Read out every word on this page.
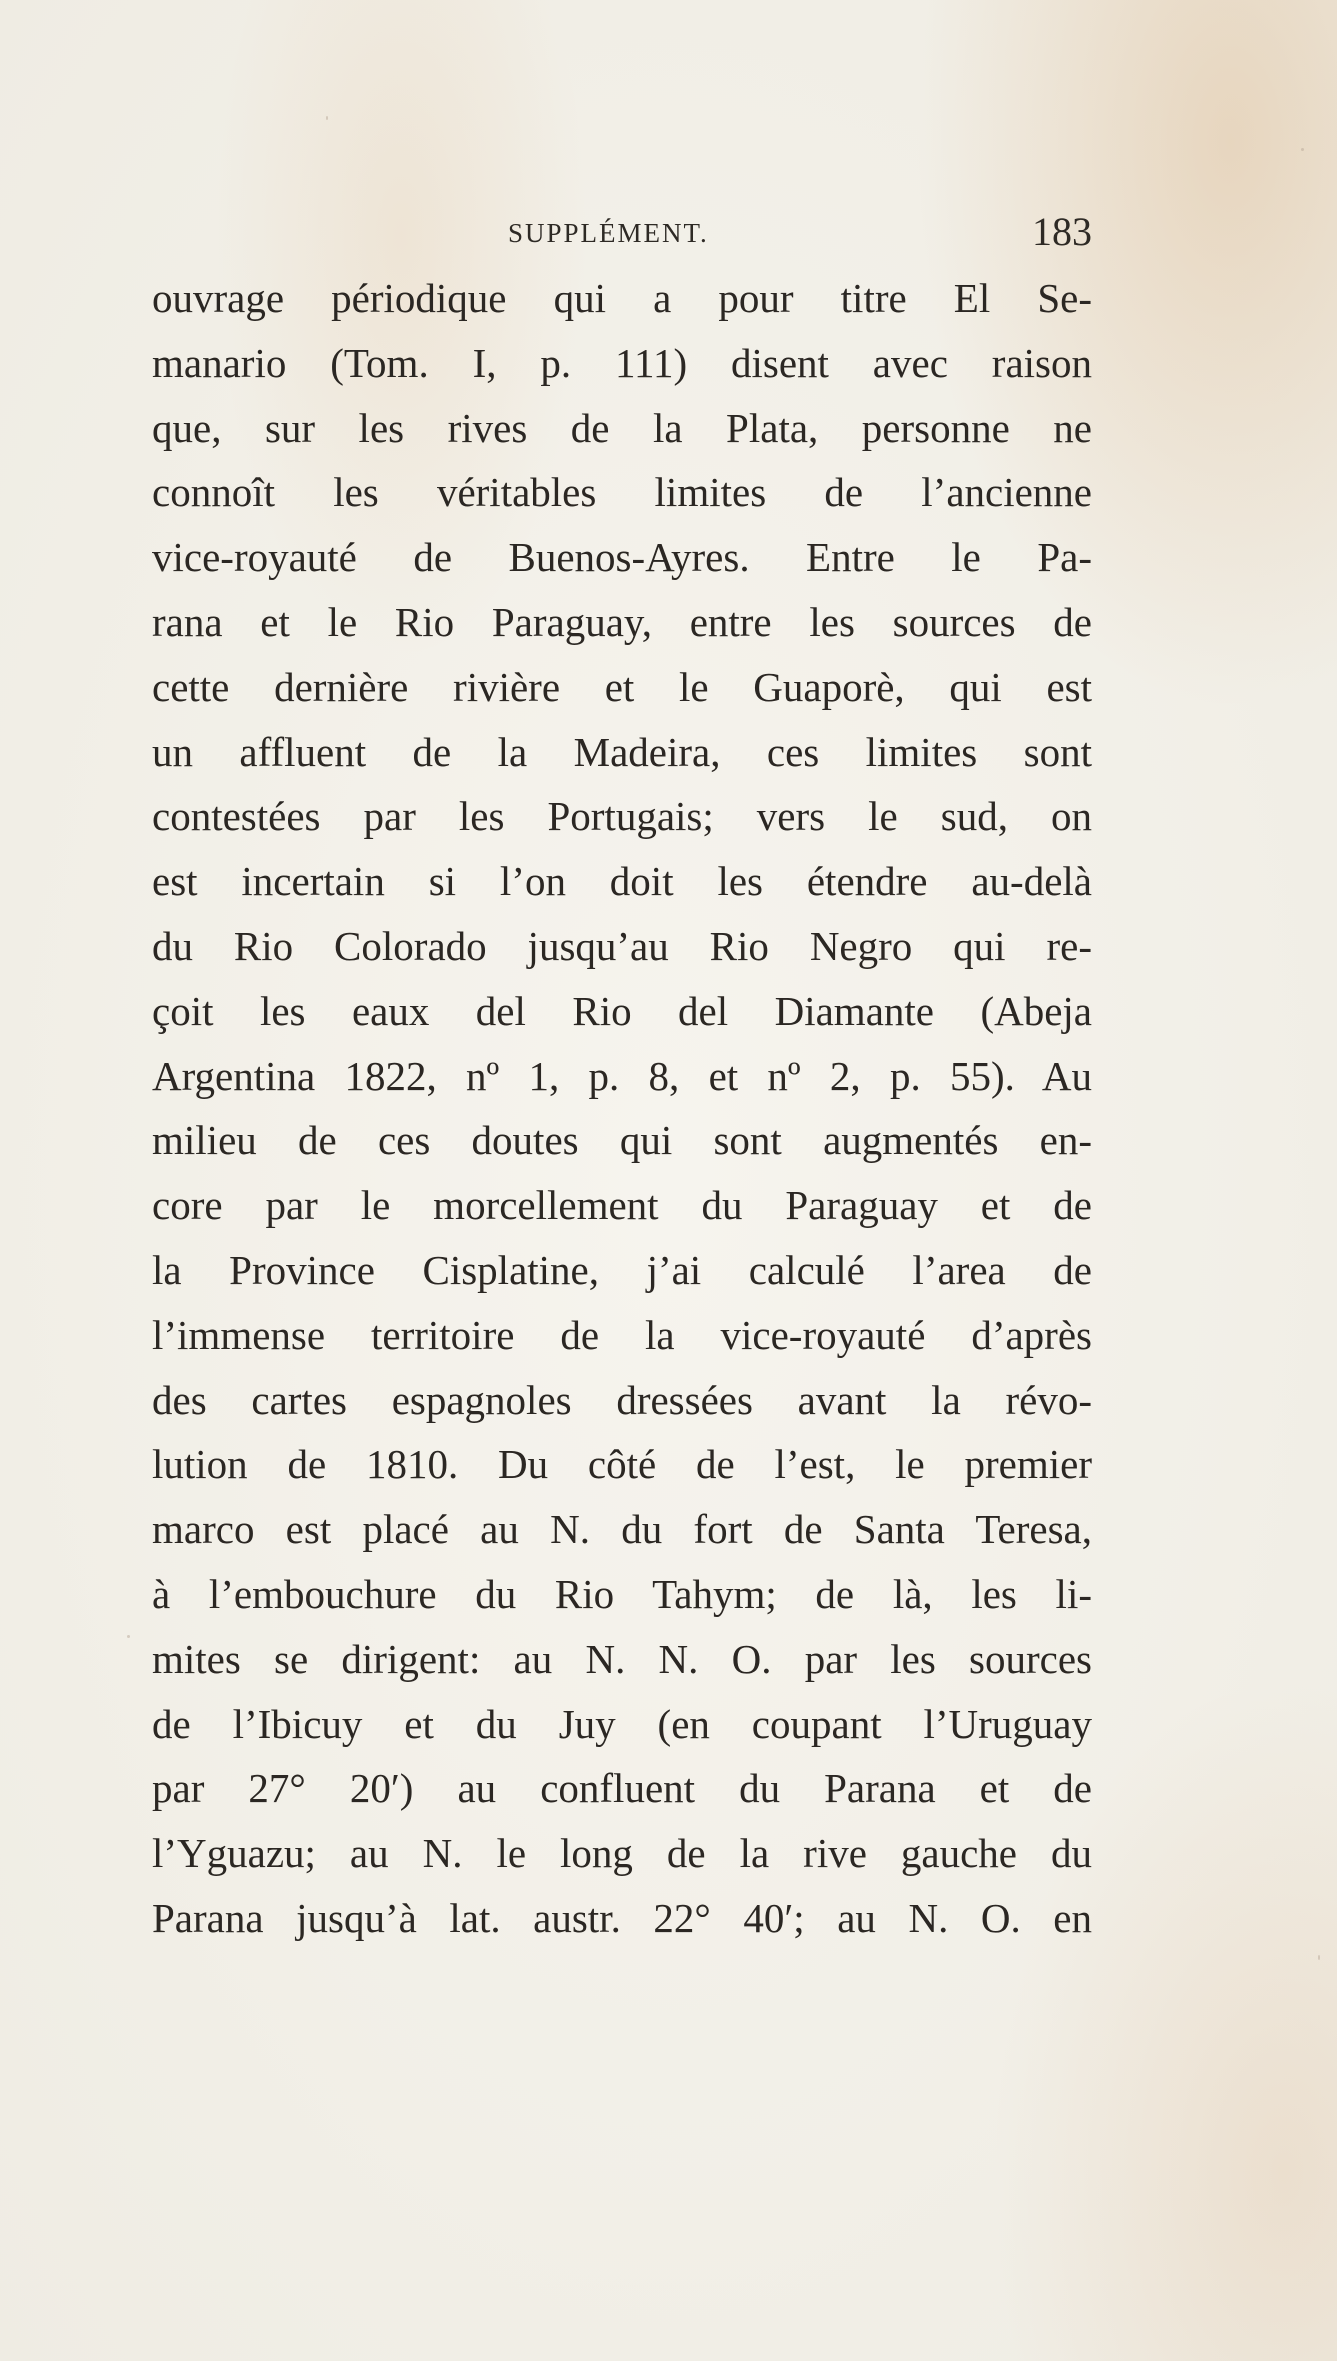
SUPPLÉMENT.	183
ouvrage périodique qui a pour titre El Se-
manario (Tom. I, p. 111) disent avec raison
que, sur les rives de la Plata, personne ne
connoît les véritables limites de l’ancienne
vice-royauté de Buenos-Ayres. Entre le Pa-
rana et le Rio Paraguay, entre les sources de
cette dernière rivière et le Guaporè, qui est
un affluent de la Madeira, ces limites sont
contestées par les Portugais; vers le sud, on
est incertain si l’on doit les étendre au-delà
du Rio Colorado jusqu’au Rio Negro qui re-
çoit les eaux del Rio del Diamante (Abeja
Argentina 1822, nº 1, p. 8, et nº 2, p. 55). Au
milieu de ces doutes qui sont augmentés en-
core par le morcellement du Paraguay et de
la Province Cisplatine, j’ai calculé l’area de
l’immense territoire de la vice-royauté d’après
des cartes espagnoles dressées avant la révo-
lution de 1810. Du côté de l’est, le premier
marco est placé au N. du fort de Santa Teresa,
à l’embouchure du Rio Tahym; de là, les li-
mites se dirigent: au N. N. O. par les sources
de l’Ibicuy et du Juy (en coupant l’Uruguay
par 27° 20′) au confluent du Parana et de
l’Yguazu; au N. le long de la rive gauche du
Parana jusqu’à lat. austr. 22° 40′; au N. O. en
